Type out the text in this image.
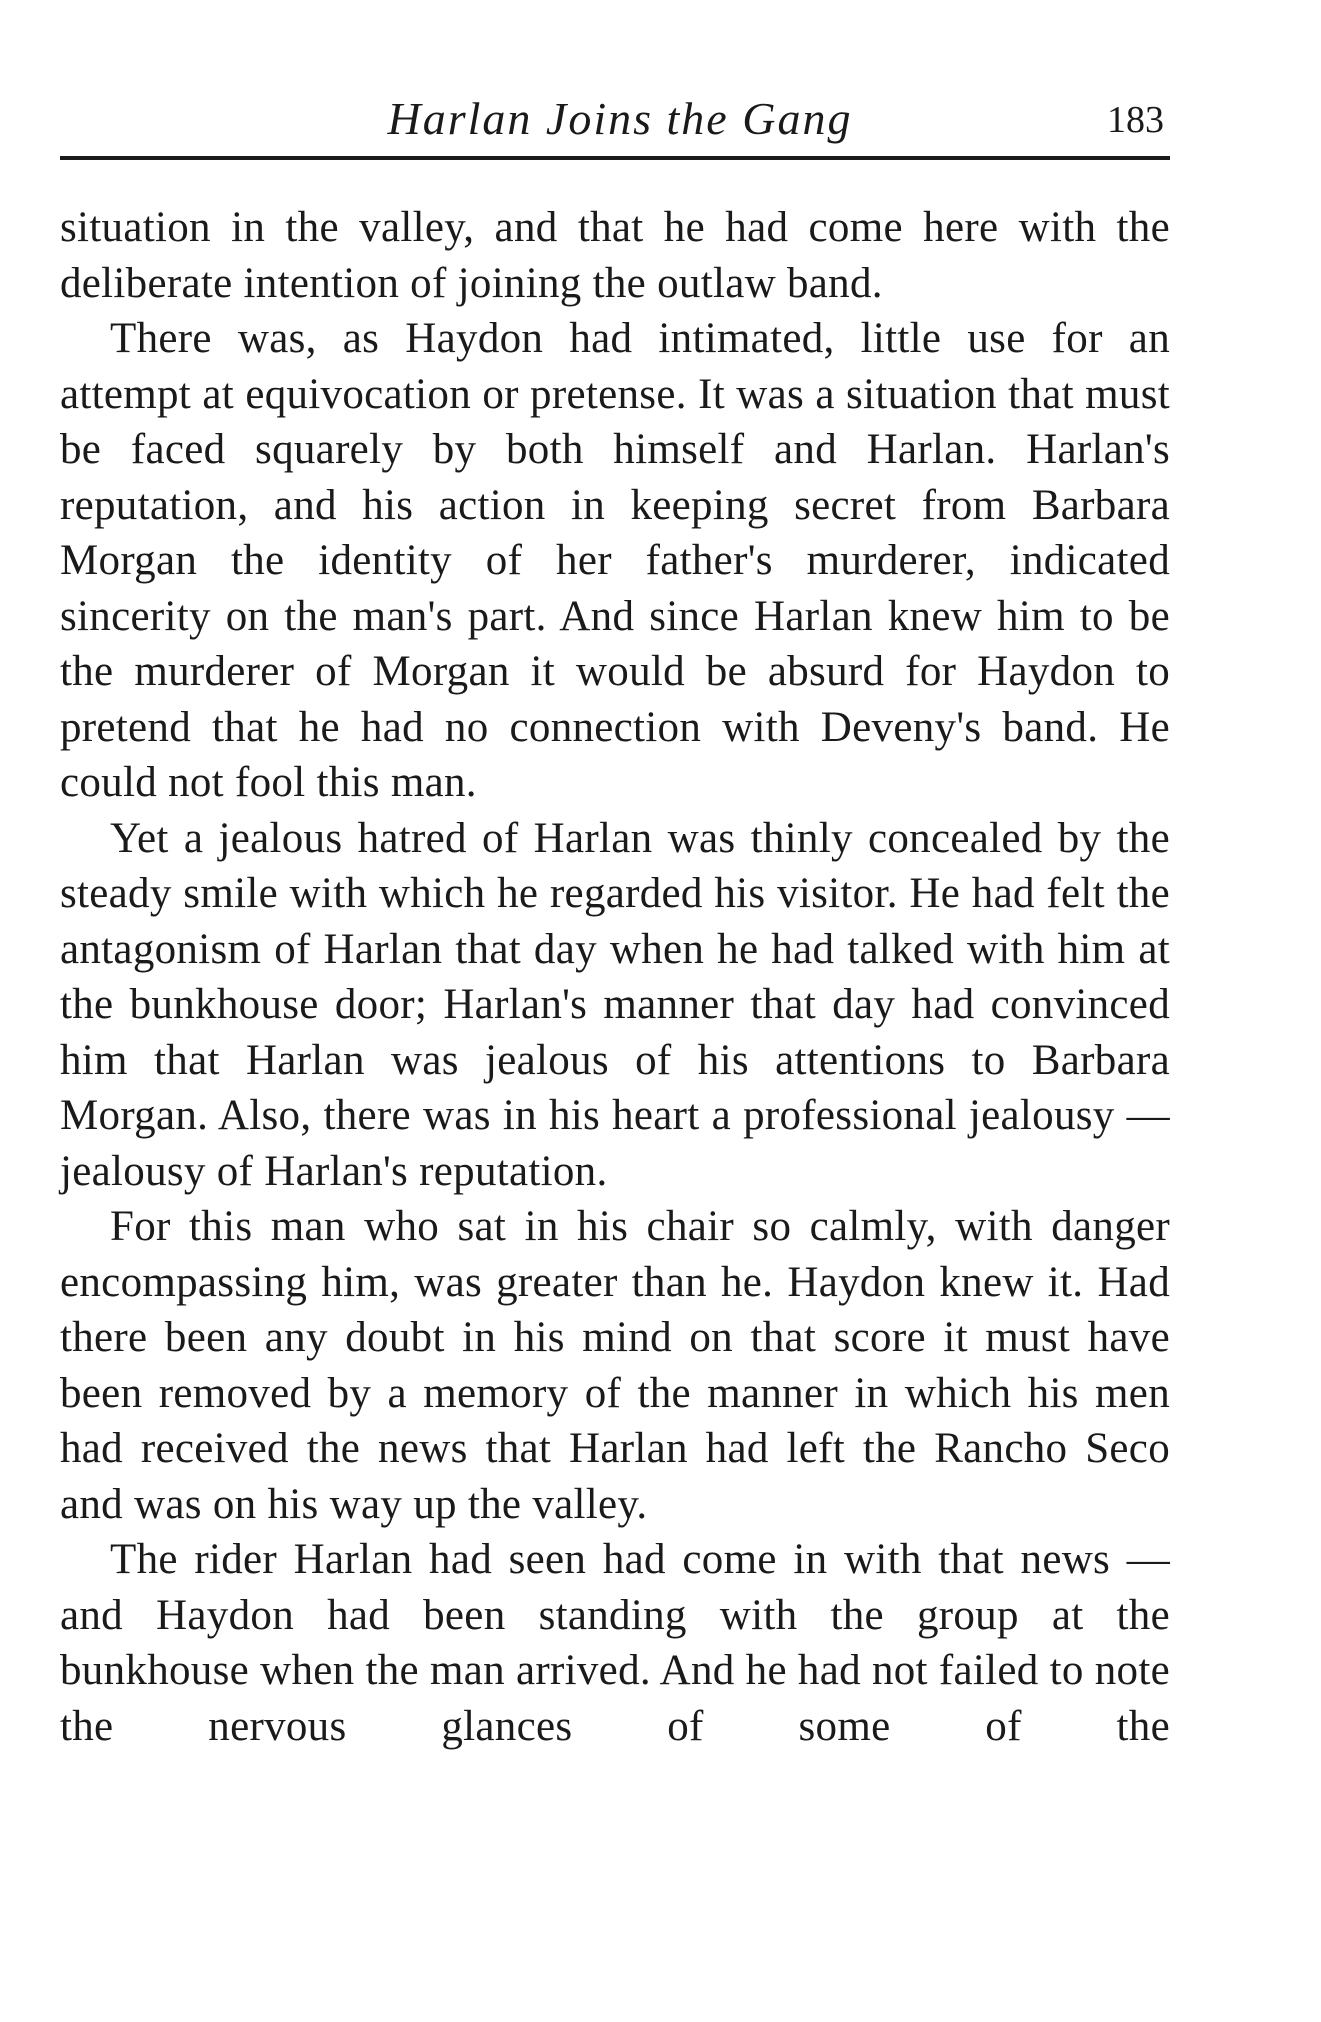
Harlan Joins the Gang	183

situation in the valley, and that he had come here with the deliberate intention of joining the outlaw band.

There was, as Haydon had intimated, little use for an attempt at equivocation or pretense. It was a situation that must be faced squarely by both himself and Harlan. Harlan's reputation, and his action in keeping secret from Barbara Morgan the identity of her father's murderer, indicated sincerity on the man's part. And since Harlan knew him to be the murderer of Morgan it would be absurd for Haydon to pretend that he had no connection with Deveny's band. He could not fool this man.

Yet a jealous hatred of Harlan was thinly concealed by the steady smile with which he regarded his visitor. He had felt the antagonism of Harlan that day when he had talked with him at the bunkhouse door; Harlan's manner that day had convinced him that Harlan was jealous of his attentions to Barbara Morgan. Also, there was in his heart a professional jealousy — jealousy of Harlan's reputation.

For this man who sat in his chair so calmly, with danger encompassing him, was greater than he. Haydon knew it. Had there been any doubt in his mind on that score it must have been removed by a memory of the manner in which his men had received the news that Harlan had left the Rancho Seco and was on his way up the valley.

The rider Harlan had seen had come in with that news — and Haydon had been standing with the group at the bunkhouse when the man arrived. And he had not failed to note the nervous glances of some of the
